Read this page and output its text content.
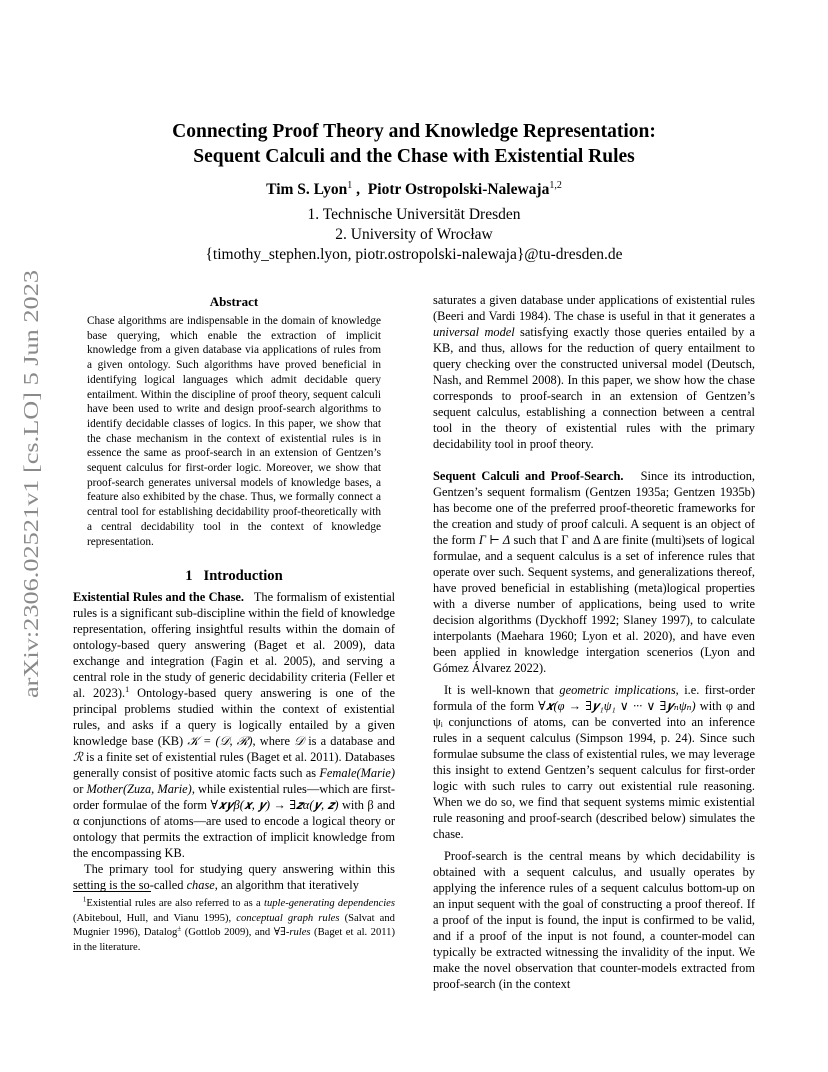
arXiv:2306.02521v1 [cs.LO] 5 Jun 2023
Connecting Proof Theory and Knowledge Representation:
Sequent Calculi and the Chase with Existential Rules
Tim S. Lyon$^1$ ,  Piotr Ostropolski-Nalewaja$^{1,2}$
1. Technische Universität Dresden
2. University of Wrocław
{timothy_stephen.lyon, piotr.ostropolski-nalewaja}@tu-dresden.de
Abstract
Chase algorithms are indispensable in the domain of knowledge base querying, which enable the extraction of implicit knowledge from a given database via applications of rules from a given ontology. Such algorithms have proved beneficial in identifying logical languages which admit decidable query entailment. Within the discipline of proof theory, sequent calculi have been used to write and design proof-search algorithms to identify decidable classes of logics. In this paper, we show that the chase mechanism in the context of existential rules is in essence the same as proof-search in an extension of Gentzen’s sequent calculus for first-order logic. Moreover, we show that proof-search generates universal models of knowledge bases, a feature also exhibited by the chase. Thus, we formally connect a central tool for establishing decidability proof-theoretically with a central decidability tool in the context of knowledge representation.
1 Introduction

Existential Rules and the Chase. The formalism of existential rules is a significant sub-discipline within the field of knowledge representation, offering insightful results within the domain of ontology-based query answering (Baget et al. 2009), data exchange and integration (Fagin et al. 2005), and serving a central role in the study of generic decidability criteria (Feller et al. 2023).$^1$ Ontology-based query answering is one of the principal problems studied within the context of existential rules, and asks if a query is logically entailed by a given knowledge base (KB) 𝒦 = (𝒟, ℛ), where 𝒟 is a database and ℛ is a finite set of existential rules (Baget et al. 2011). Databases generally consist of positive atomic facts such as Female(Marie) or Mother(Zuza, Marie), while existential rules—which are first-order formulae of the form ∀𝒙𝒚β(𝒙, 𝒚) → ∃𝒛α(𝒚, 𝒛) with β and α conjunctions of atoms—are used to encode a logical theory or ontology that permits the extraction of implicit knowledge from the encompassing KB.

The primary tool for studying query answering within this setting is the so-called chase, an algorithm that iteratively

$^1$Existential rules are also referred to as a tuple-generating dependencies (Abiteboul, Hull, and Vianu 1995), conceptual graph rules (Salvat and Mugnier 1996), Datalog± (Gottlob 2009), and ∀∃-rules (Baget et al. 2011) in the literature.

saturates a given database under applications of existential rules (Beeri and Vardi 1984). The chase is useful in that it generates a universal model satisfying exactly those queries entailed by a KB, and thus, allows for the reduction of query entailment to query checking over the constructed universal model (Deutsch, Nash, and Remmel 2008). In this paper, we show how the chase corresponds to proof-search in an extension of Gentzen’s sequent calculus, establishing a connection between a central tool in the theory of existential rules with the primary decidability tool in proof theory.

Sequent Calculi and Proof-Search. Since its introduction, Gentzen’s sequent formalism (Gentzen 1935a; Gentzen 1935b) has become one of the preferred proof-theoretic frameworks for the creation and study of proof calculi. A sequent is an object of the form Γ ⊢ Δ such that Γ and Δ are finite (multi)sets of logical formulae, and a sequent calculus is a set of inference rules that operate over such. Sequent systems, and generalizations thereof, have proved beneficial in establishing (meta)logical properties with a diverse number of applications, being used to write decision algorithms (Dyckhoff 1992; Slaney 1997), to calculate interpolants (Maehara 1960; Lyon et al. 2020), and have even been applied in knowledge intergation scenerios (Lyon and Gómez Álvarez 2022).

It is well-known that geometric implications, i.e. first-order formula of the form ∀𝒙(φ → ∃𝒚₁ψ₁ ∨ ··· ∨ ∃𝒚ₙψₙ) with φ and ψᵢ conjunctions of atoms, can be converted into an inference rules in a sequent calculus (Simpson 1994, p. 24). Since such formulae subsume the class of existential rules, we may leverage this insight to extend Gentzen’s sequent calculus for first-order logic with such rules to carry out existential rule reasoning. When we do so, we find that sequent systems mimic existential rule reasoning and proof-search (described below) simulates the chase.

Proof-search is the central means by which decidability is obtained with a sequent calculus, and usually operates by applying the inference rules of a sequent calculus bottom-up on an input sequent with the goal of constructing a proof thereof. If a proof of the input is found, the input is confirmed to be valid, and if a proof of the input is not found, a counter-model can typically be extracted witnessing the invalidity of the input. We make the novel observation that counter-models extracted from proof-search (in the context
